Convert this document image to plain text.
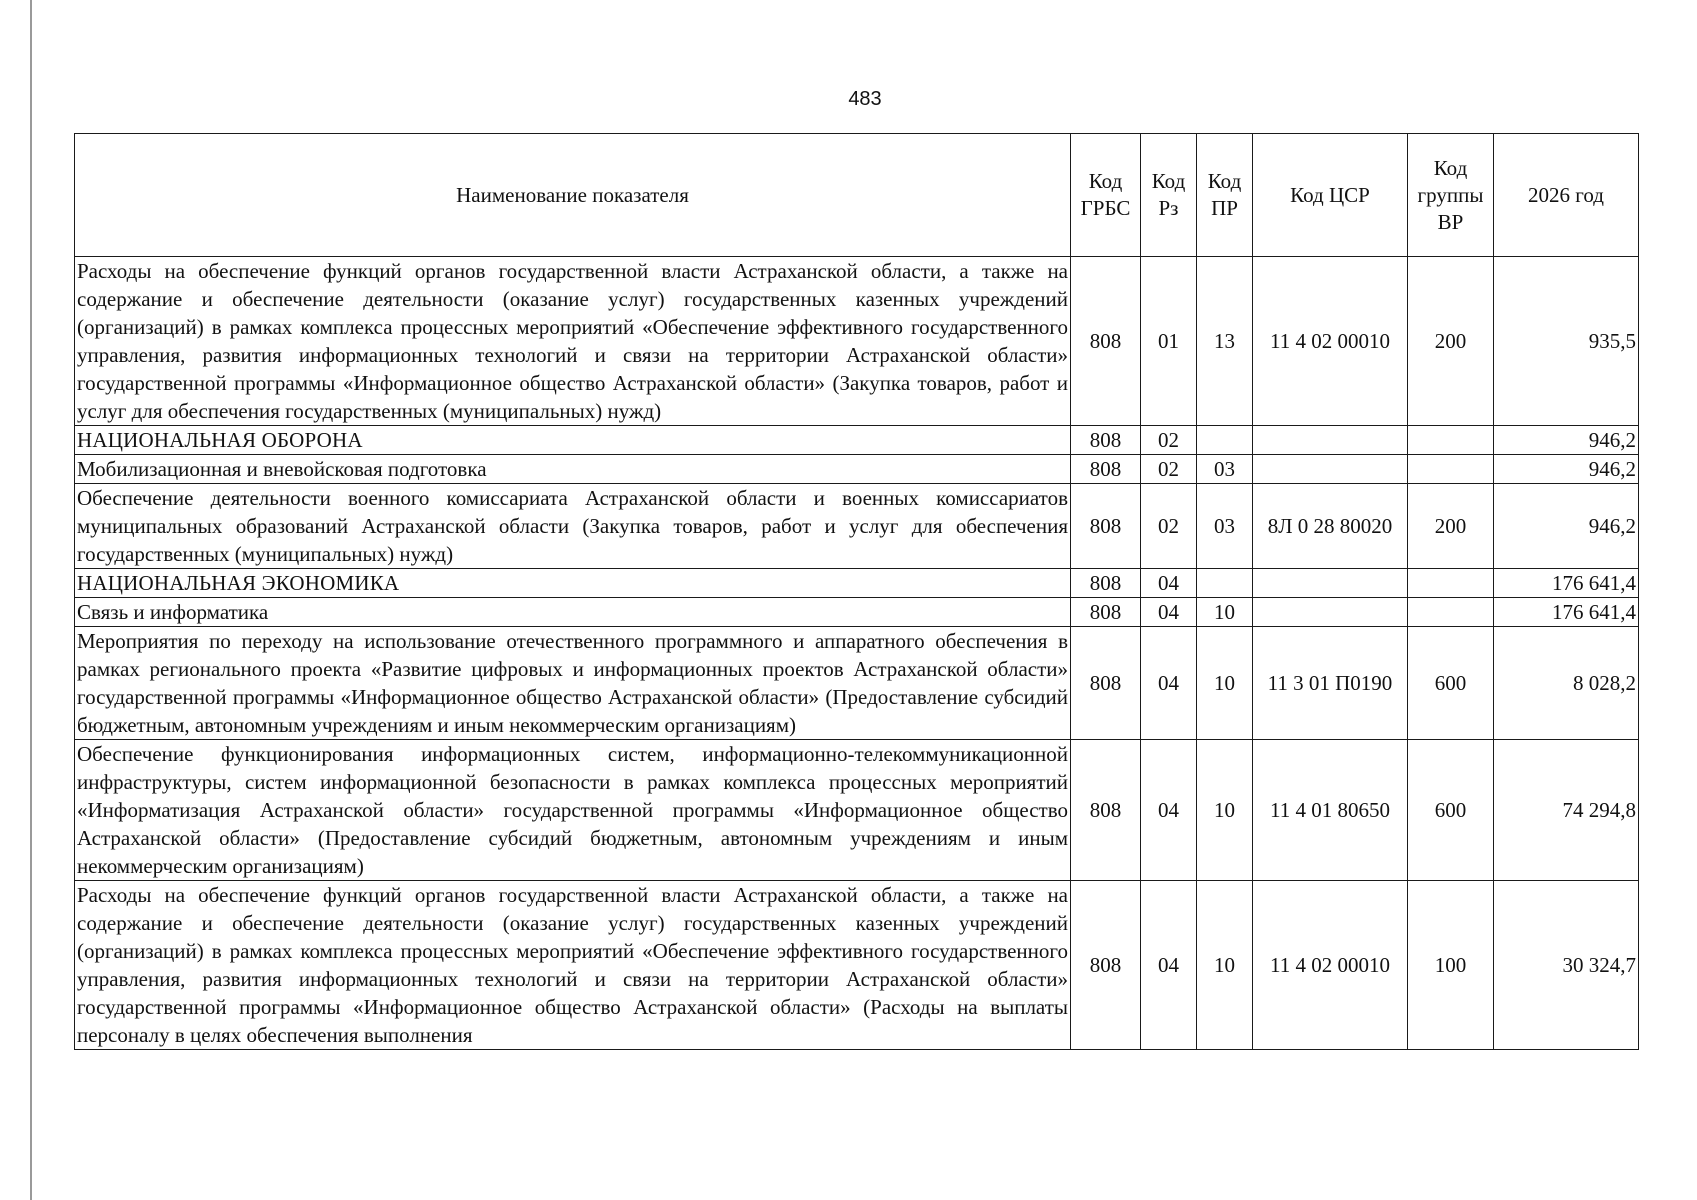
483
Наименование показателя	Код ГРБС	Код Рз	Код ПР	Код ЦСР	Код группы ВР	2026 год
Расходы на обеспечение функций органов государственной власти Астраханской области, а также на содержание и обеспечение деятельности (оказание услуг) государственных казенных учреждений (организаций) в рамках комплекса процессных мероприятий «Обеспечение эффективного государственного управления, развития информационных технологий и связи на территории Астраханской области» государственной программы «Информационное общество Астраханской области» (Закупка товаров, работ и услуг для обеспечения государственных (муниципальных) нужд)	808	01	13	11 4 02 00010	200	935,5
НАЦИОНАЛЬНАЯ ОБОРОНА	808	02				946,2
Мобилизационная и вневойсковая подготовка	808	02	03			946,2
Обеспечение деятельности военного комиссариата Астраханской области и военных комиссариатов муниципальных образований Астраханской области (Закупка товаров, работ и услуг для обеспечения государственных (муниципальных) нужд)	808	02	03	8Л 0 28 80020	200	946,2
НАЦИОНАЛЬНАЯ ЭКОНОМИКА	808	04				176 641,4
Связь и информатика	808	04	10			176 641,4
Мероприятия по переходу на использование отечественного программного и аппаратного обеспечения в рамках регионального проекта «Развитие цифровых и информационных проектов Астраханской области» государственной программы «Информационное общество Астраханской области» (Предоставление субсидий бюджетным, автономным учреждениям и иным некоммерческим организациям)	808	04	10	11 3 01 П0190	600	8 028,2
Обеспечение функционирования информационных систем, информационно-телекоммуникационной инфраструктуры, систем информационной безопасности в рамках комплекса процессных мероприятий «Информатизация Астраханской области» государственной программы «Информационное общество Астраханской области» (Предоставление субсидий бюджетным, автономным учреждениям и иным некоммерческим организациям)	808	04	10	11 4 01 80650	600	74 294,8
Расходы на обеспечение функций органов государственной власти Астраханской области, а также на содержание и обеспечение деятельности (оказание услуг) государственных казенных учреждений (организаций) в рамках комплекса процессных мероприятий «Обеспечение эффективного государственного управления, развития информационных технологий и связи на территории Астраханской области» государственной программы «Информационное общество Астраханской области» (Расходы на выплаты персоналу в целях обеспечения выполнения	808	04	10	11 4 02 00010	100	30 324,7
